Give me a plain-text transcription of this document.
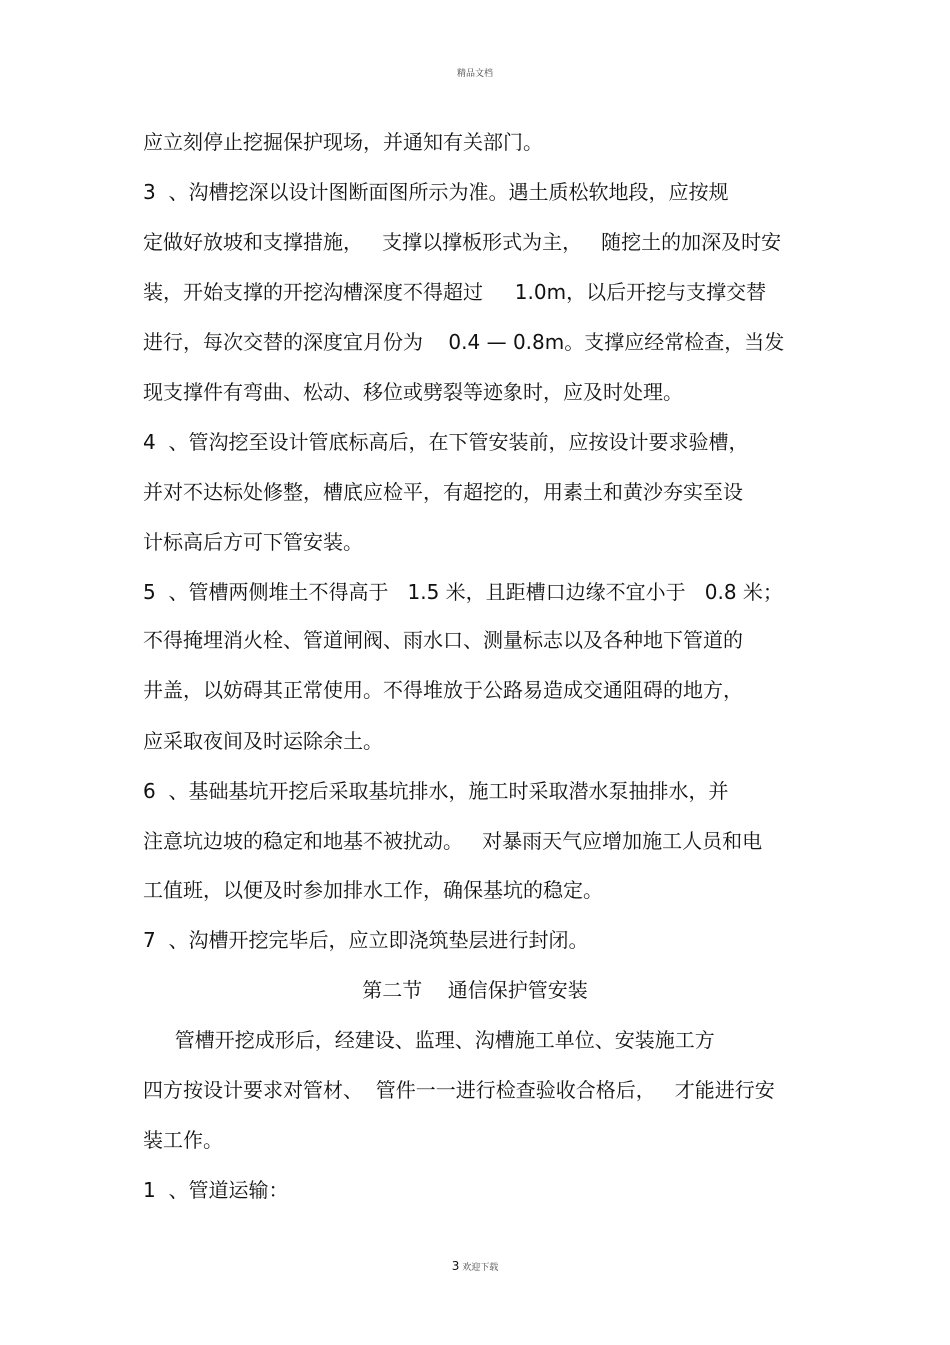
精品文档
应立刻停止挖掘保护现场，并通知有关部门。
3  、沟槽挖深以设计图断面图所示为准。遇土质松软地段，应按规
定做好放坡和支撑措施，   支撑以撑板形式为主，   随挖土的加深及时安
装，开始支撑的开挖沟槽深度不得超过     1.0m，以后开挖与支撑交替
进行，每次交替的深度宜月份为    0.4 — 0.8m。支撑应经常检查，当发
现支撑件有弯曲、松动、移位或劈裂等迹象时，应及时处理。
4  、管沟挖至设计管底标高后，在下管安装前，应按设计要求验槽，
并对不达标处修整，槽底应检平，有超挖的，用素土和黄沙夯实至设
计标高后方可下管安装。
5  、管槽两侧堆土不得高于   1.5 米，且距槽口边缘不宜小于   0.8 米；
不得掩埋消火栓、管道闸阀、雨水口、测量标志以及各种地下管道的
井盖，以妨碍其正常使用。不得堆放于公路易造成交通阻碍的地方，
应采取夜间及时运除余土。
6  、基础基坑开挖后采取基坑排水，施工时采取潜水泵抽排水，并
注意坑边坡的稳定和地基不被扰动。   对暴雨天气应增加施工人员和电
工值班，以便及时参加排水工作，确保基坑的稳定。
7  、沟槽开挖完毕后，应立即浇筑垫层进行封闭。
第二节    通信保护管安装
管槽开挖成形后，经建设、监理、沟槽施工单位、安装施工方
四方按设计要求对管材、  管件一一进行检查验收合格后，   才能进行安
装工作。
1  、管道运输：
3 欢迎下载
